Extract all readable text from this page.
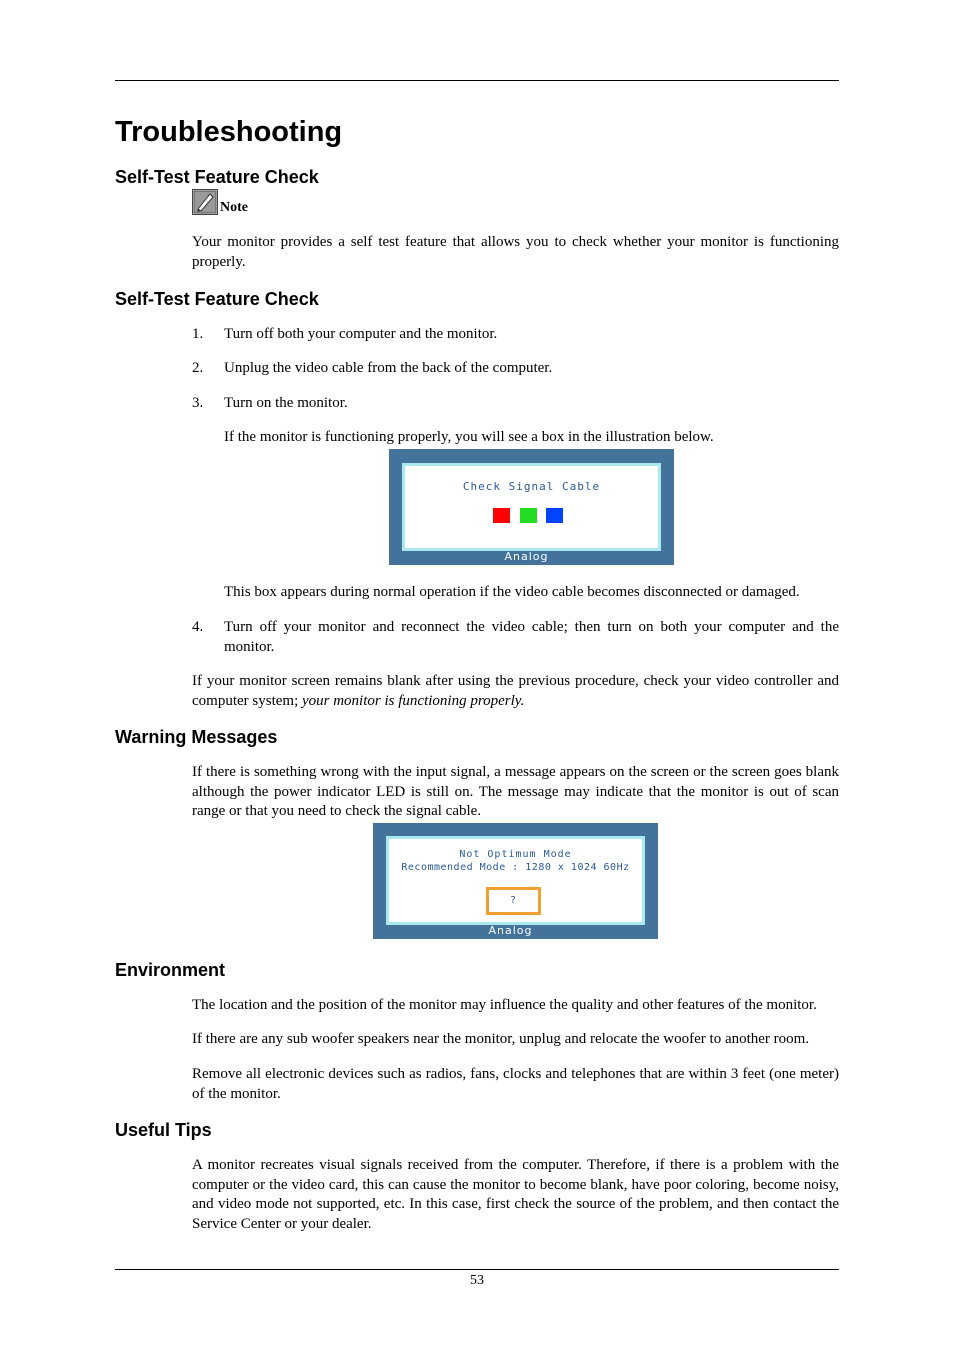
Troubleshooting
Self-Test Feature Check
Note
Your monitor provides a self test feature that allows you to check whether your monitor is functioning properly.
Self-Test Feature Check
1. Turn off both your computer and the monitor.
2. Unplug the video cable from the back of the computer.
3. Turn on the monitor.
If the monitor is functioning properly, you will see a box in the illustration below.
Check Signal Cable
Analog
This box appears during normal operation if the video cable becomes disconnected or damaged.
4. Turn off your monitor and reconnect the video cable; then turn on both your computer and the monitor.
If your monitor screen remains blank after using the previous procedure, check your video controller and computer system; your monitor is functioning properly.
Warning Messages
If there is something wrong with the input signal, a message appears on the screen or the screen goes blank although the power indicator LED is still on. The message may indicate that the monitor is out of scan range or that you need to check the signal cable.
Not Optimum Mode
Recommended Mode : 1280 x 1024 60Hz
?
Analog
Environment
The location and the position of the monitor may influence the quality and other features of the monitor.
If there are any sub woofer speakers near the monitor, unplug and relocate the woofer to another room.
Remove all electronic devices such as radios, fans, clocks and telephones that are within 3 feet (one meter) of the monitor.
Useful Tips
A monitor recreates visual signals received from the computer. Therefore, if there is a problem with the computer or the video card, this can cause the monitor to become blank, have poor coloring, become noisy, and video mode not supported, etc. In this case, first check the source of the problem, and then contact the Service Center or your dealer.
53
